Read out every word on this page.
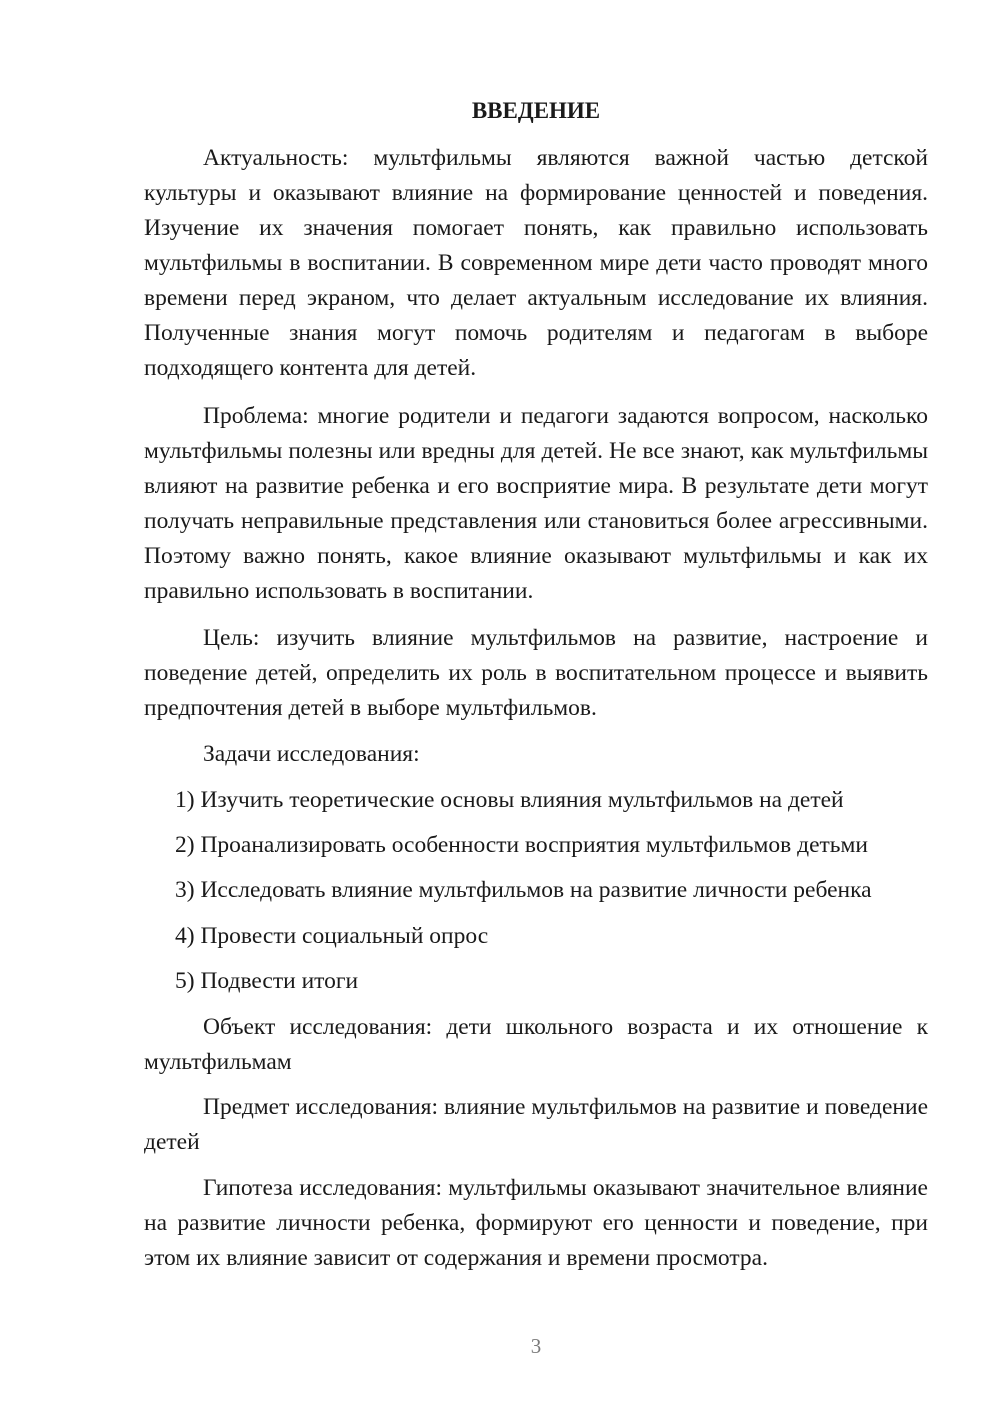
ВВЕДЕНИЕ

Актуальность: мультфильмы являются важной частью детской культуры и оказывают влияние на формирование ценностей и поведения. Изучение их значения помогает понять, как правильно использовать мультфильмы в воспитании. В современном мире дети часто проводят много времени перед экраном, что делает актуальным исследование их влияния. Полученные знания могут помочь родителям и педагогам в выборе подходящего контента для детей.

Проблема: многие родители и педагоги задаются вопросом, насколько мультфильмы полезны или вредны для детей. Не все знают, как мультфильмы влияют на развитие ребенка и его восприятие мира. В результате дети могут получать неправильные представления или становиться более агрессивными. Поэтому важно понять, какое влияние оказывают мультфильмы и как их правильно использовать в воспитании.

Цель: изучить влияние мультфильмов на развитие, настроение и поведение детей, определить их роль в воспитательном процессе и выявить предпочтения детей в выборе мультфильмов.

Задачи исследования:

1) Изучить теоретические основы влияния мультфильмов на детей

2) Проанализировать особенности восприятия мультфильмов детьми

3) Исследовать влияние мультфильмов на развитие личности ребенка

4) Провести социальный опрос

5) Подвести итоги

Объект исследования: дети школьного возраста и их отношение к мультфильмам

Предмет исследования: влияние мультфильмов на развитие и поведение детей

Гипотеза исследования: мультфильмы оказывают значительное влияние на развитие личности ребенка, формируют его ценности и поведение, при этом их влияние зависит от содержания и времени просмотра.

3
